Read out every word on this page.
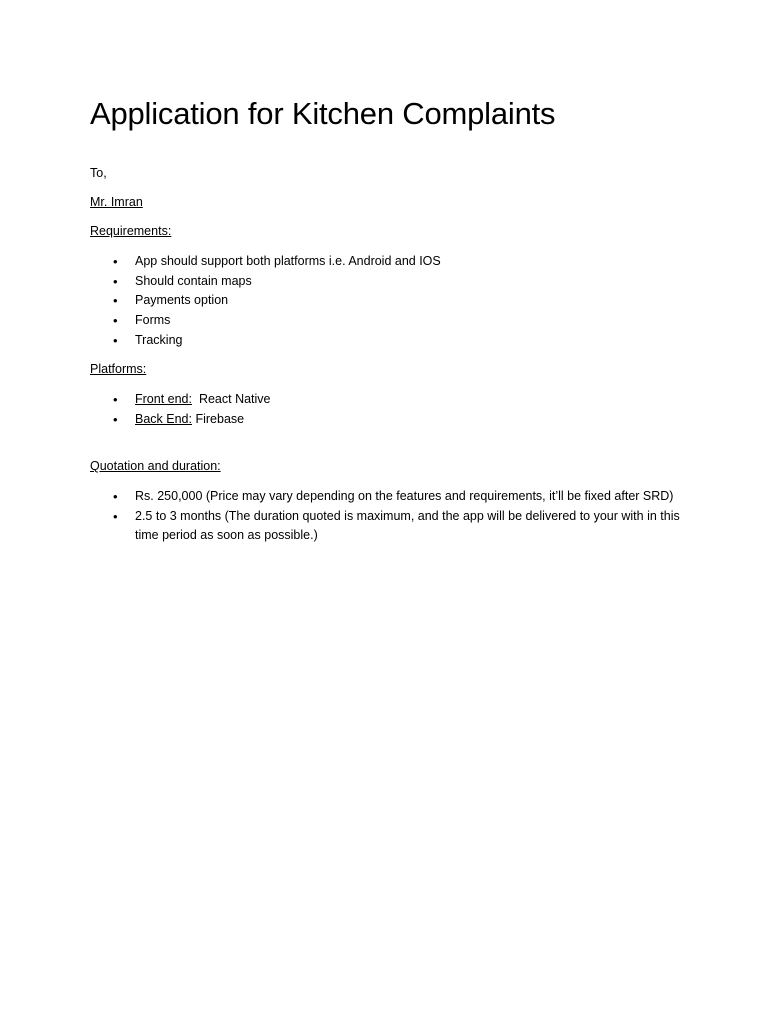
Application for Kitchen Complaints
To,
Mr. Imran
Requirements:
• App should support both platforms i.e. Android and IOS
• Should contain maps
• Payments option
• Forms
• Tracking
Platforms:
• Front end: React Native
• Back End: Firebase
Quotation and duration:
• Rs. 250,000 (Price may vary depending on the features and requirements, it’ll be fixed after SRD)
• 2.5 to 3 months (The duration quoted is maximum, and the app will be delivered to your with in this time period as soon as possible.)
